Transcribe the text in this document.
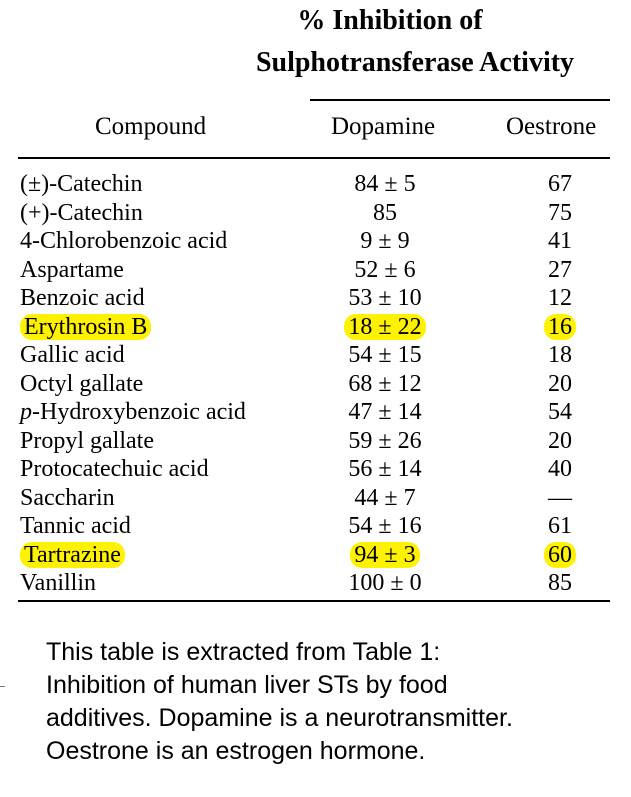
% Inhibition of
Sulphotransferase Activity
Compound	Dopamine	Oestrone
(±)-Catechin	84 ± 5	67
(+)-Catechin	85	75
4-Chlorobenzoic acid	9 ± 9	41
Aspartame	52 ± 6	27
Benzoic acid	53 ± 10	12
Erythrosin B	18 ± 22	16
Gallic acid	54 ± 15	18
Octyl gallate	68 ± 12	20
p-Hydroxybenzoic acid	47 ± 14	54
Propyl gallate	59 ± 26	20
Protocatechuic acid	56 ± 14	40
Saccharin	44 ± 7	—
Tannic acid	54 ± 16	61
Tartrazine	94 ± 3	60
Vanillin	100 ± 0	85
This table is extracted from Table 1:
Inhibition of human liver STs by food
additives. Dopamine is a neurotransmitter.
Oestrone is an estrogen hormone.
